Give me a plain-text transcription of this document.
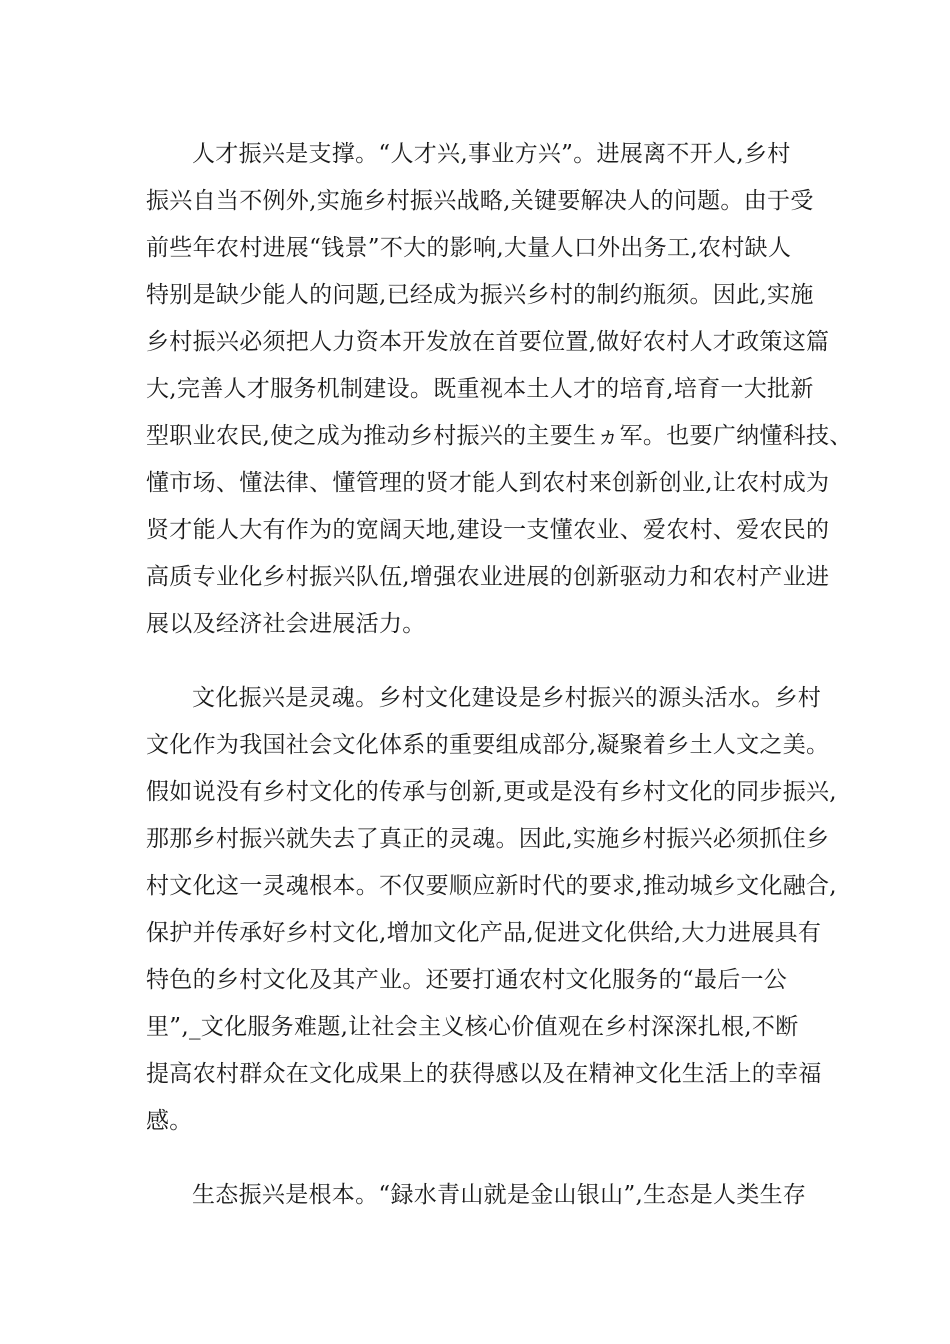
人才振兴是支撑。“人才兴,事业方兴”。进展离不开人,乡村
振兴自当不例外,实施乡村振兴战略,关键要解决人的问题。由于受
前些年农村进展“钱景”不大的影响,大量人口外出务工,农村缺人
特别是缺少能人的问题,已经成为振兴乡村的制约瓶须。因此,实施
乡村振兴必须把人力资本开发放在首要位置,做好农村人才政策这篇
大,完善人才服务机制建设。既重视本土人才的培育,培育一大批新
型职业农民,使之成为推动乡村振兴的主要生ヵ军。也要广纳懂科技、
懂市场、懂法律、懂管理的贤才能人到农村来创新创业,让农村成为
贤才能人大有作为的宽阔天地,建设一支懂农业、爱农村、爱农民的
高质专业化乡村振兴队伍,增强农业进展的创新驱动力和农村产业进
展以及经济社会进展活力。
文化振兴是灵魂。乡村文化建设是乡村振兴的源头活水。乡村
文化作为我国社会文化体系的重要组成部分,凝聚着乡土人文之美。
假如说没有乡村文化的传承与创新,更或是没有乡村文化的同步振兴,
那那乡村振兴就失去了真正的灵魂。因此,实施乡村振兴必须抓住乡
村文化这一灵魂根本。不仅要顺应新时代的要求,推动城乡文化融合,
保护并传承好乡村文化,增加文化产品,促进文化供给,大力进展具有
特色的乡村文化及其产业。还要打通农村文化服务的“最后一公
里”,_文化服务难题,让社会主义核心价值观在乡村深深扎根,不断
提高农村群众在文化成果上的获得感以及在精神文化生活上的幸福
感。
生态振兴是根本。“録水青山就是金山银山”,生态是人类生存
